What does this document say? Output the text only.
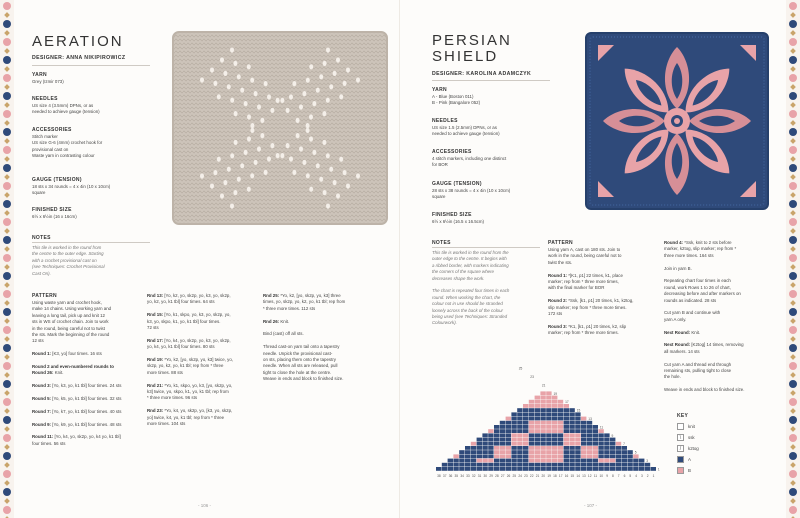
AERATION
DESIGNER: ANNA NIKIPIROWICZ
YARN
Grey (Izmir 073)
NEEDLES
US size 4 (3.5mm) DPNs, or as
needed to achieve gauge (tension)
ACCESSORIES
Stitch marker
US size G-6 (4mm) crochet hook for
provisional cast on
Waste yarn in contrasting colour
GAUGE (TENSION)
18 sts x 34 rounds = 4 x 4in (10 x 10cm)
square
FINISHED SIZE
6½ x 6½in (16 x 16cm)
NOTES
This tile is worked in the round from
the centre to the outer edge. Starting
with a crochet provisional cast on
(see Techniques: Crochet Provisional
Cast On).
PATTERN
Using waste yarn and crochet hook,
make 14 chains. Using working yarn and
leaving a long tail, pick up and knit 12
sts in WS of crochet chain. Join to work
in the round, being careful not to twist
the sts. Mark the beginning of the round
12 sts
Round 1: [K3, yo] four times. 16 sts
Round 2 and even-numbered rounds to
Round 26: Knit.
Round 3: [Yo, k3, yo, k1 tbl] four times. 24 sts
Round 5: [Yo, k5, yo, k1 tbl] four times. 32 sts
Round 7: [Yo, k7, yo, k1 tbl] four times. 40 sts
Round 9: [Yo, k9, yo, k1 tbl] four times. 48 sts
Round 11: [Yo, k4, yo, sk2p, yo, k4 yo, k1 tbl]
four times. 56 sts
Rnd 13: [Yo, k2, yo, sk2p, yo, k3, yo, sk2p,
yo, k2, yo, k1 tbl] four times. 64 sts
Rnd 15: [Yo, k1, skpo, yo, k3, yo, sk2p, yo,
k3, yo, skpo, k1, yo, k1 tbl] four times.
72 sts
Rnd 17: [Yo, k4, yo, sk2p, yo, k3, yo, sk2p,
yo, k4, yo, k1 tbl] four times. 80 sts
Rnd 19: *Yo, k2, [yo, sk2p, yo, k3] twice, yo,
sk2p, yo, k2, yo, k1 tbl; rep from * three
more times. 88 sts
Rnd 21: *Yo, k1, skpo, yo, k3, [yo, sk2p, yo,
k3] twice, yo, skpo, k1, yo, k1 tbl; rep from
* three more times. 96 sts
Rnd 23: *Yo, k4, yo, sk2p, yo, [k3, yo, sk2p,
yo] twice, k4, yo, k1 tbl; rep from * three
more times. 104 sts
Rnd 25: *Yo, k2, [yo, sk2p, yo, k3] three
times, yo, sk2p, yo, k2, yo, k1 tbl; rep from
* three more times. 112 sts
Rnd 26: Knit.
Bind (cast) off all sts.
Thread cast-on yarn tail onto a tapestry
needle. Unpick the provisional cast-
on sts, placing them onto the tapestry
needle. When all sts are released, pull
tight to close the hole at the centre.
Weave in ends and block to finished size.
- 106 -
PERSIAN
SHIELD
DESIGNER: KAROLINA ADAMCZYK
YARN
A - Blue (Boston 011)
B - Pink (Bangalore 052)
NEEDLES
US size 1.5 (2.5mm) DPNs, or as
needed to achieve gauge (tension)
ACCESSORIES
4 stitch markers, including one distinct
for BOR
GAUGE (TENSION)
28 sts x 38 rounds = 4 x 4in (10 x 10cm)
square
FINISHED SIZE
6½ x 6½in (16.5 x 16.5cm)
NOTES
This tile is worked in the round from the
outer edge to the centre. It begins with
a ribbed border, with markers indicating
the corners of the square where
decreases shape the work.
The chart is repeated four times in each
round. When working the chart, the
colour not in use should be stranded
loosely across the back of the colour
being used (see Techniques: Stranded
Colourwork).
PATTERN
Using yarn A, cast on 180 sts. Join to
work in the round, being careful not to
twist the sts.
Round 1: *[K1, p1] 22 times, k1, place
marker; rep from * three more times,
with the final marker for BOR
Round 2: *Ssk, [k1, p1] 20 times, k1, k2tog,
slip marker; rep from * three more times.
172 sts
Round 3: *K1, [k1, p1] 20 times, k2, slip
marker; rep from * three more times.
Round 4: *Ssk, knit to 2 sts before
marker, k2tog, slip marker; rep from *
three more times. 164 sts
Join in yarn B.
Repeating chart four times in each
round, work Rows 1 to 26 of chart,
decreasing before and after markers on
rounds as indicated. 28 sts
Cut yarn B and continue with
yarn A only.
Next Round: Knit.
Next Round: [K2tog] 14 times, removing
all markers. 14 sts
Cut yarn A and thread end through
remaining sts, pulling tight to close
the hole.
Weave in ends and block to finished size.
38 37 36 35 34 33 32 31 30 29 28 27 26 25 24 23 22 21 20 19 18 17 16 15 14 13 12 11 10 9 8 7 6 5 4 3 2 1
1
3
5
7
9
11
13
15
17
19
21
23
25
KEY
knit
\	ssk
/	k2tog
A
B
- 107 -
